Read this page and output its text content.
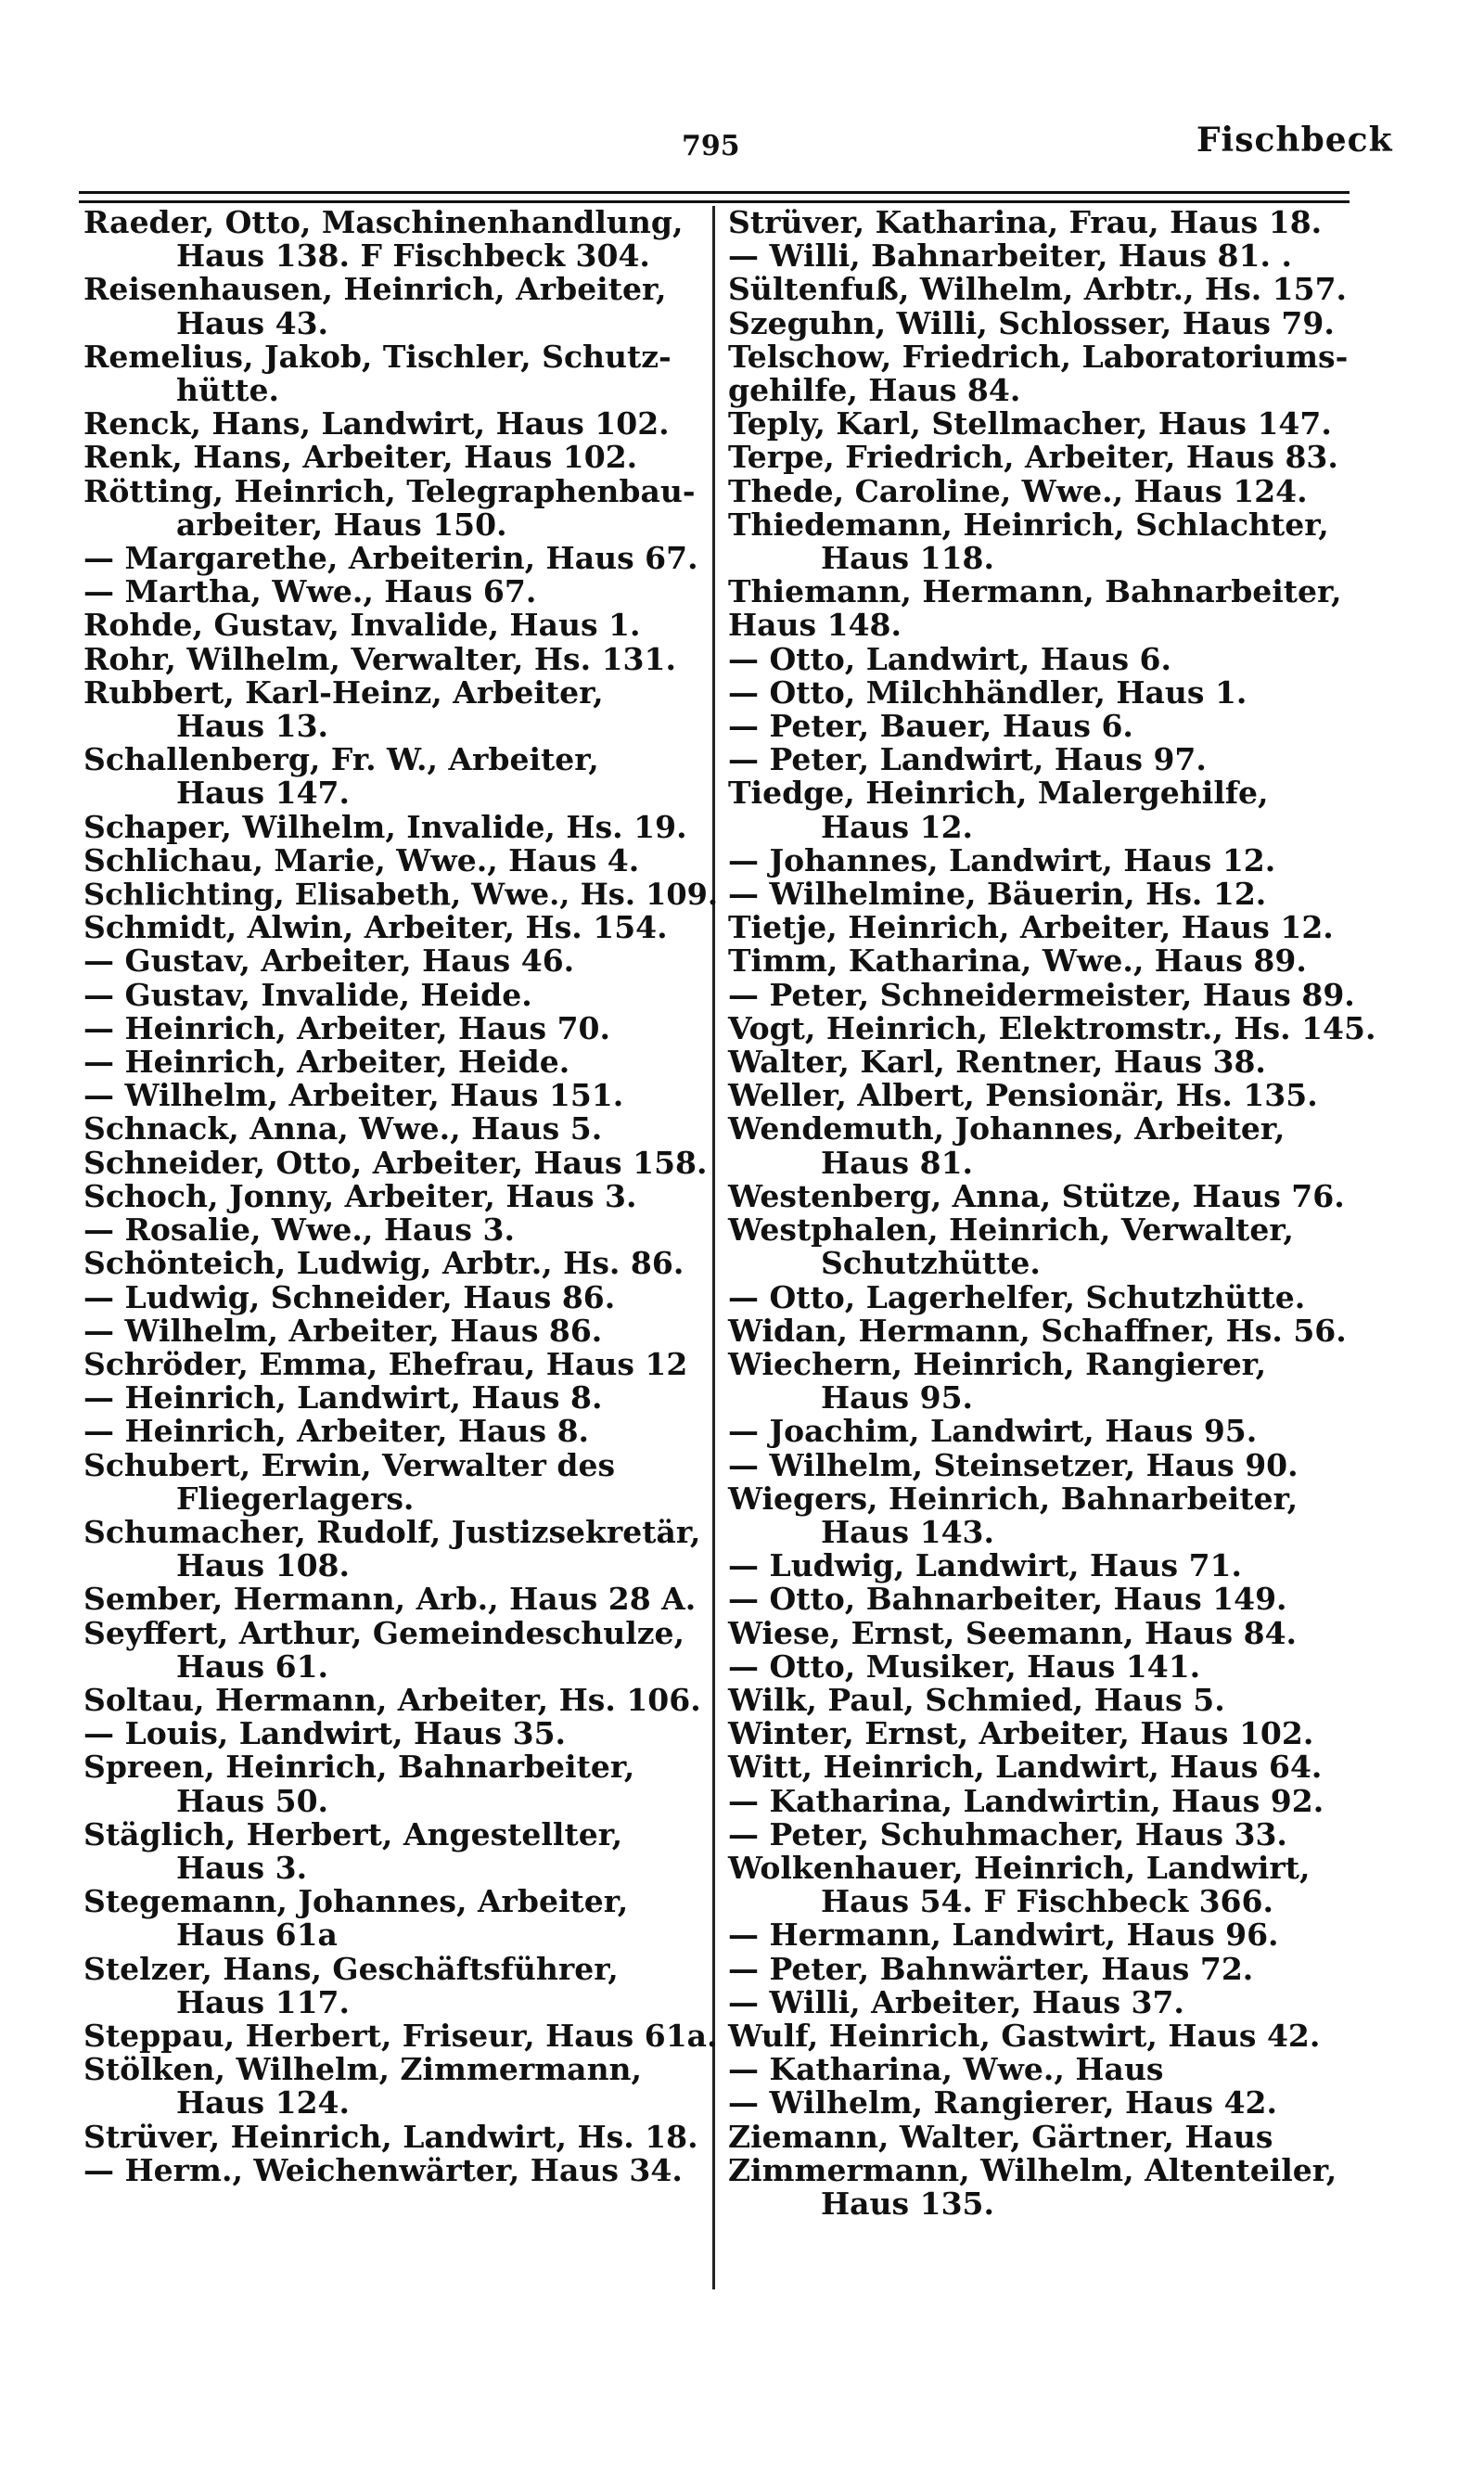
795	Fischbeck
Raeder, Otto, Maschinenhandlung,
Haus 138. F Fischbeck 304.
Reisenhausen, Heinrich, Arbeiter,
Haus 43.
Remelius, Jakob, Tischler, Schutz-
hütte.
Renck, Hans, Landwirt, Haus 102.
Renk, Hans, Arbeiter, Haus 102.
Rötting, Heinrich, Telegraphenbau-
arbeiter, Haus 150.
— Margarethe, Arbeiterin, Haus 67.
— Martha, Wwe., Haus 67.
Rohde, Gustav, Invalide, Haus 1.
Rohr, Wilhelm, Verwalter, Hs. 131.
Rubbert, Karl-Heinz, Arbeiter,
Haus 13.
Schallenberg, Fr. W., Arbeiter,
Haus 147.
Schaper, Wilhelm, Invalide, Hs. 19.
Schlichau, Marie, Wwe., Haus 4.
Schlichting, Elisabeth, Wwe., Hs. 109.
Schmidt, Alwin, Arbeiter, Hs. 154.
— Gustav, Arbeiter, Haus 46.
— Gustav, Invalide, Heide.
— Heinrich, Arbeiter, Haus 70.
— Heinrich, Arbeiter, Heide.
— Wilhelm, Arbeiter, Haus 151.
Schnack, Anna, Wwe., Haus 5.
Schneider, Otto, Arbeiter, Haus 158.
Schoch, Jonny, Arbeiter, Haus 3.
— Rosalie, Wwe., Haus 3.
Schönteich, Ludwig, Arbtr., Hs. 86.
— Ludwig, Schneider, Haus 86.
— Wilhelm, Arbeiter, Haus 86.
Schröder, Emma, Ehefrau, Haus 12
— Heinrich, Landwirt, Haus 8.
— Heinrich, Arbeiter, Haus 8.
Schubert, Erwin, Verwalter des
Fliegerlagers.
Schumacher, Rudolf, Justizsekretär,
Haus 108.
Sember, Hermann, Arb., Haus 28 A.
Seyffert, Arthur, Gemeindeschulze,
Haus 61.
Soltau, Hermann, Arbeiter, Hs. 106.
— Louis, Landwirt, Haus 35.
Spreen, Heinrich, Bahnarbeiter,
Haus 50.
Stäglich, Herbert, Angestellter,
Haus 3.
Stegemann, Johannes, Arbeiter,
Haus 61a
Stelzer, Hans, Geschäftsführer,
Haus 117.
Steppau, Herbert, Friseur, Haus 61a.
Stölken, Wilhelm, Zimmermann,
Haus 124.
Strüver, Heinrich, Landwirt, Hs. 18.
— Herm., Weichenwärter, Haus 34.
Strüver, Katharina, Frau, Haus 18.
— Willi, Bahnarbeiter, Haus 81. .
Sültenfuß, Wilhelm, Arbtr., Hs. 157.
Szeguhn, Willi, Schlosser, Haus 79.
Telschow, Friedrich, Laboratoriums-
gehilfe, Haus 84.
Teply, Karl, Stellmacher, Haus 147.
Terpe, Friedrich, Arbeiter, Haus 83.
Thede, Caroline, Wwe., Haus 124.
Thiedemann, Heinrich, Schlachter,
Haus 118.
Thiemann, Hermann, Bahnarbeiter,
Haus 148.
— Otto, Landwirt, Haus 6.
— Otto, Milchhändler, Haus 1.
— Peter, Bauer, Haus 6.
— Peter, Landwirt, Haus 97.
Tiedge, Heinrich, Malergehilfe,
Haus 12.
— Johannes, Landwirt, Haus 12.
— Wilhelmine, Bäuerin, Hs. 12.
Tietje, Heinrich, Arbeiter, Haus 12.
Timm, Katharina, Wwe., Haus 89.
— Peter, Schneidermeister, Haus 89.
Vogt, Heinrich, Elektromstr., Hs. 145.
Walter, Karl, Rentner, Haus 38.
Weller, Albert, Pensionär, Hs. 135.
Wendemuth, Johannes, Arbeiter,
Haus 81.
Westenberg, Anna, Stütze, Haus 76.
Westphalen, Heinrich, Verwalter,
Schutzhütte.
— Otto, Lagerhelfer, Schutzhütte.
Widan, Hermann, Schaffner, Hs. 56.
Wiechern, Heinrich, Rangierer,
Haus 95.
— Joachim, Landwirt, Haus 95.
— Wilhelm, Steinsetzer, Haus 90.
Wiegers, Heinrich, Bahnarbeiter,
Haus 143.
— Ludwig, Landwirt, Haus 71.
— Otto, Bahnarbeiter, Haus 149.
Wiese, Ernst, Seemann, Haus 84.
— Otto, Musiker, Haus 141.
Wilk, Paul, Schmied, Haus 5.
Winter, Ernst, Arbeiter, Haus 102.
Witt, Heinrich, Landwirt, Haus 64.
— Katharina, Landwirtin, Haus 92.
— Peter, Schuhmacher, Haus 33.
Wolkenhauer, Heinrich, Landwirt,
Haus 54. F Fischbeck 366.
— Hermann, Landwirt, Haus 96.
— Peter, Bahnwärter, Haus 72.
— Willi, Arbeiter, Haus 37.
Wulf, Heinrich, Gastwirt, Haus 42.
— Katharina, Wwe., Haus
— Wilhelm, Rangierer, Haus 42.
Ziemann, Walter, Gärtner, Haus
Zimmermann, Wilhelm, Altenteiler,
Haus 135.
